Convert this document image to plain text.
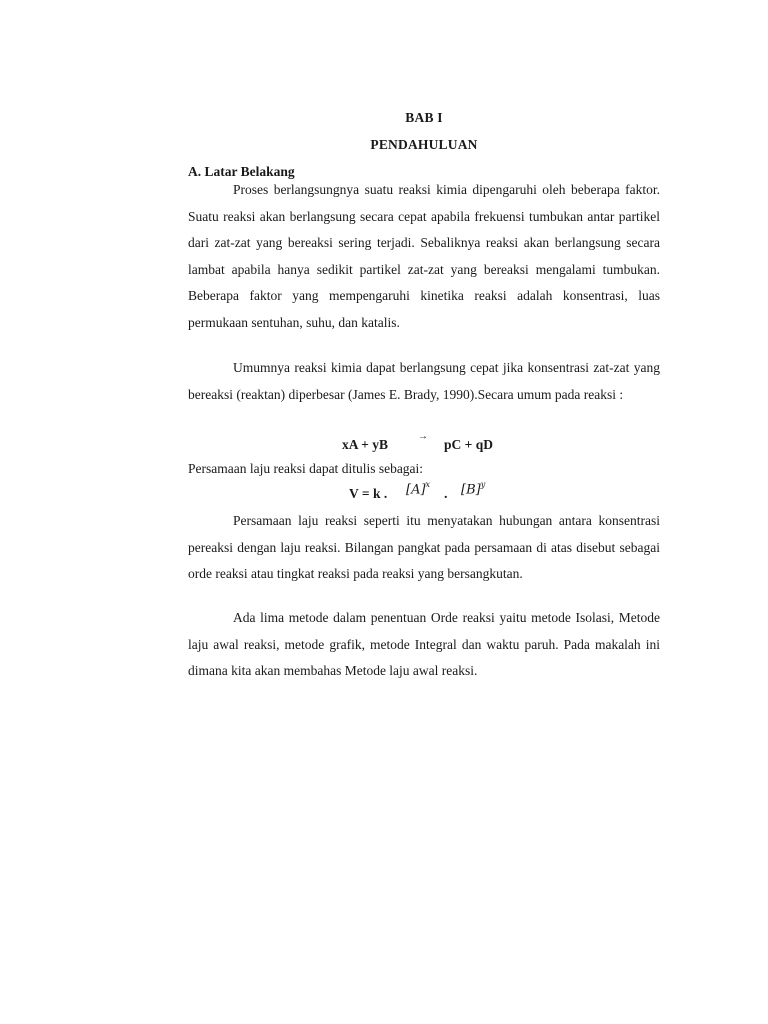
BAB I
PENDAHULUAN
A. Latar Belakang

Proses berlangsungnya suatu reaksi kimia dipengaruhi oleh beberapa faktor. Suatu reaksi akan berlangsung secara cepat apabila frekuensi tumbukan antar partikel dari zat-zat yang bereaksi sering terjadi. Sebaliknya reaksi akan berlangsung secara lambat apabila hanya sedikit partikel zat-zat yang bereaksi mengalami tumbukan. Beberapa faktor yang mempengaruhi kinetika reaksi adalah konsentrasi, luas permukaan sentuhan, suhu, dan katalis.

Umumnya reaksi kimia dapat berlangsung cepat jika konsentrasi zat-zat yang bereaksi (reaktan) diperbesar (James E. Brady, 1990).Secara umum pada reaksi :

xA + yB
→
pC + qD

Persamaan laju reaksi dapat ditulis sebagai:

V = k . $[A]^x$
. $[B]^y$

Persamaan laju reaksi seperti itu menyatakan hubungan antara konsentrasi pereaksi dengan laju reaksi. Bilangan pangkat pada persamaan di atas disebut sebagai orde reaksi atau tingkat reaksi pada reaksi yang bersangkutan.

Ada lima metode dalam penentuan Orde reaksi yaitu metode Isolasi, Metode laju awal reaksi, metode grafik, metode Integral dan waktu paruh. Pada makalah ini dimana kita akan membahas Metode laju awal reaksi.
